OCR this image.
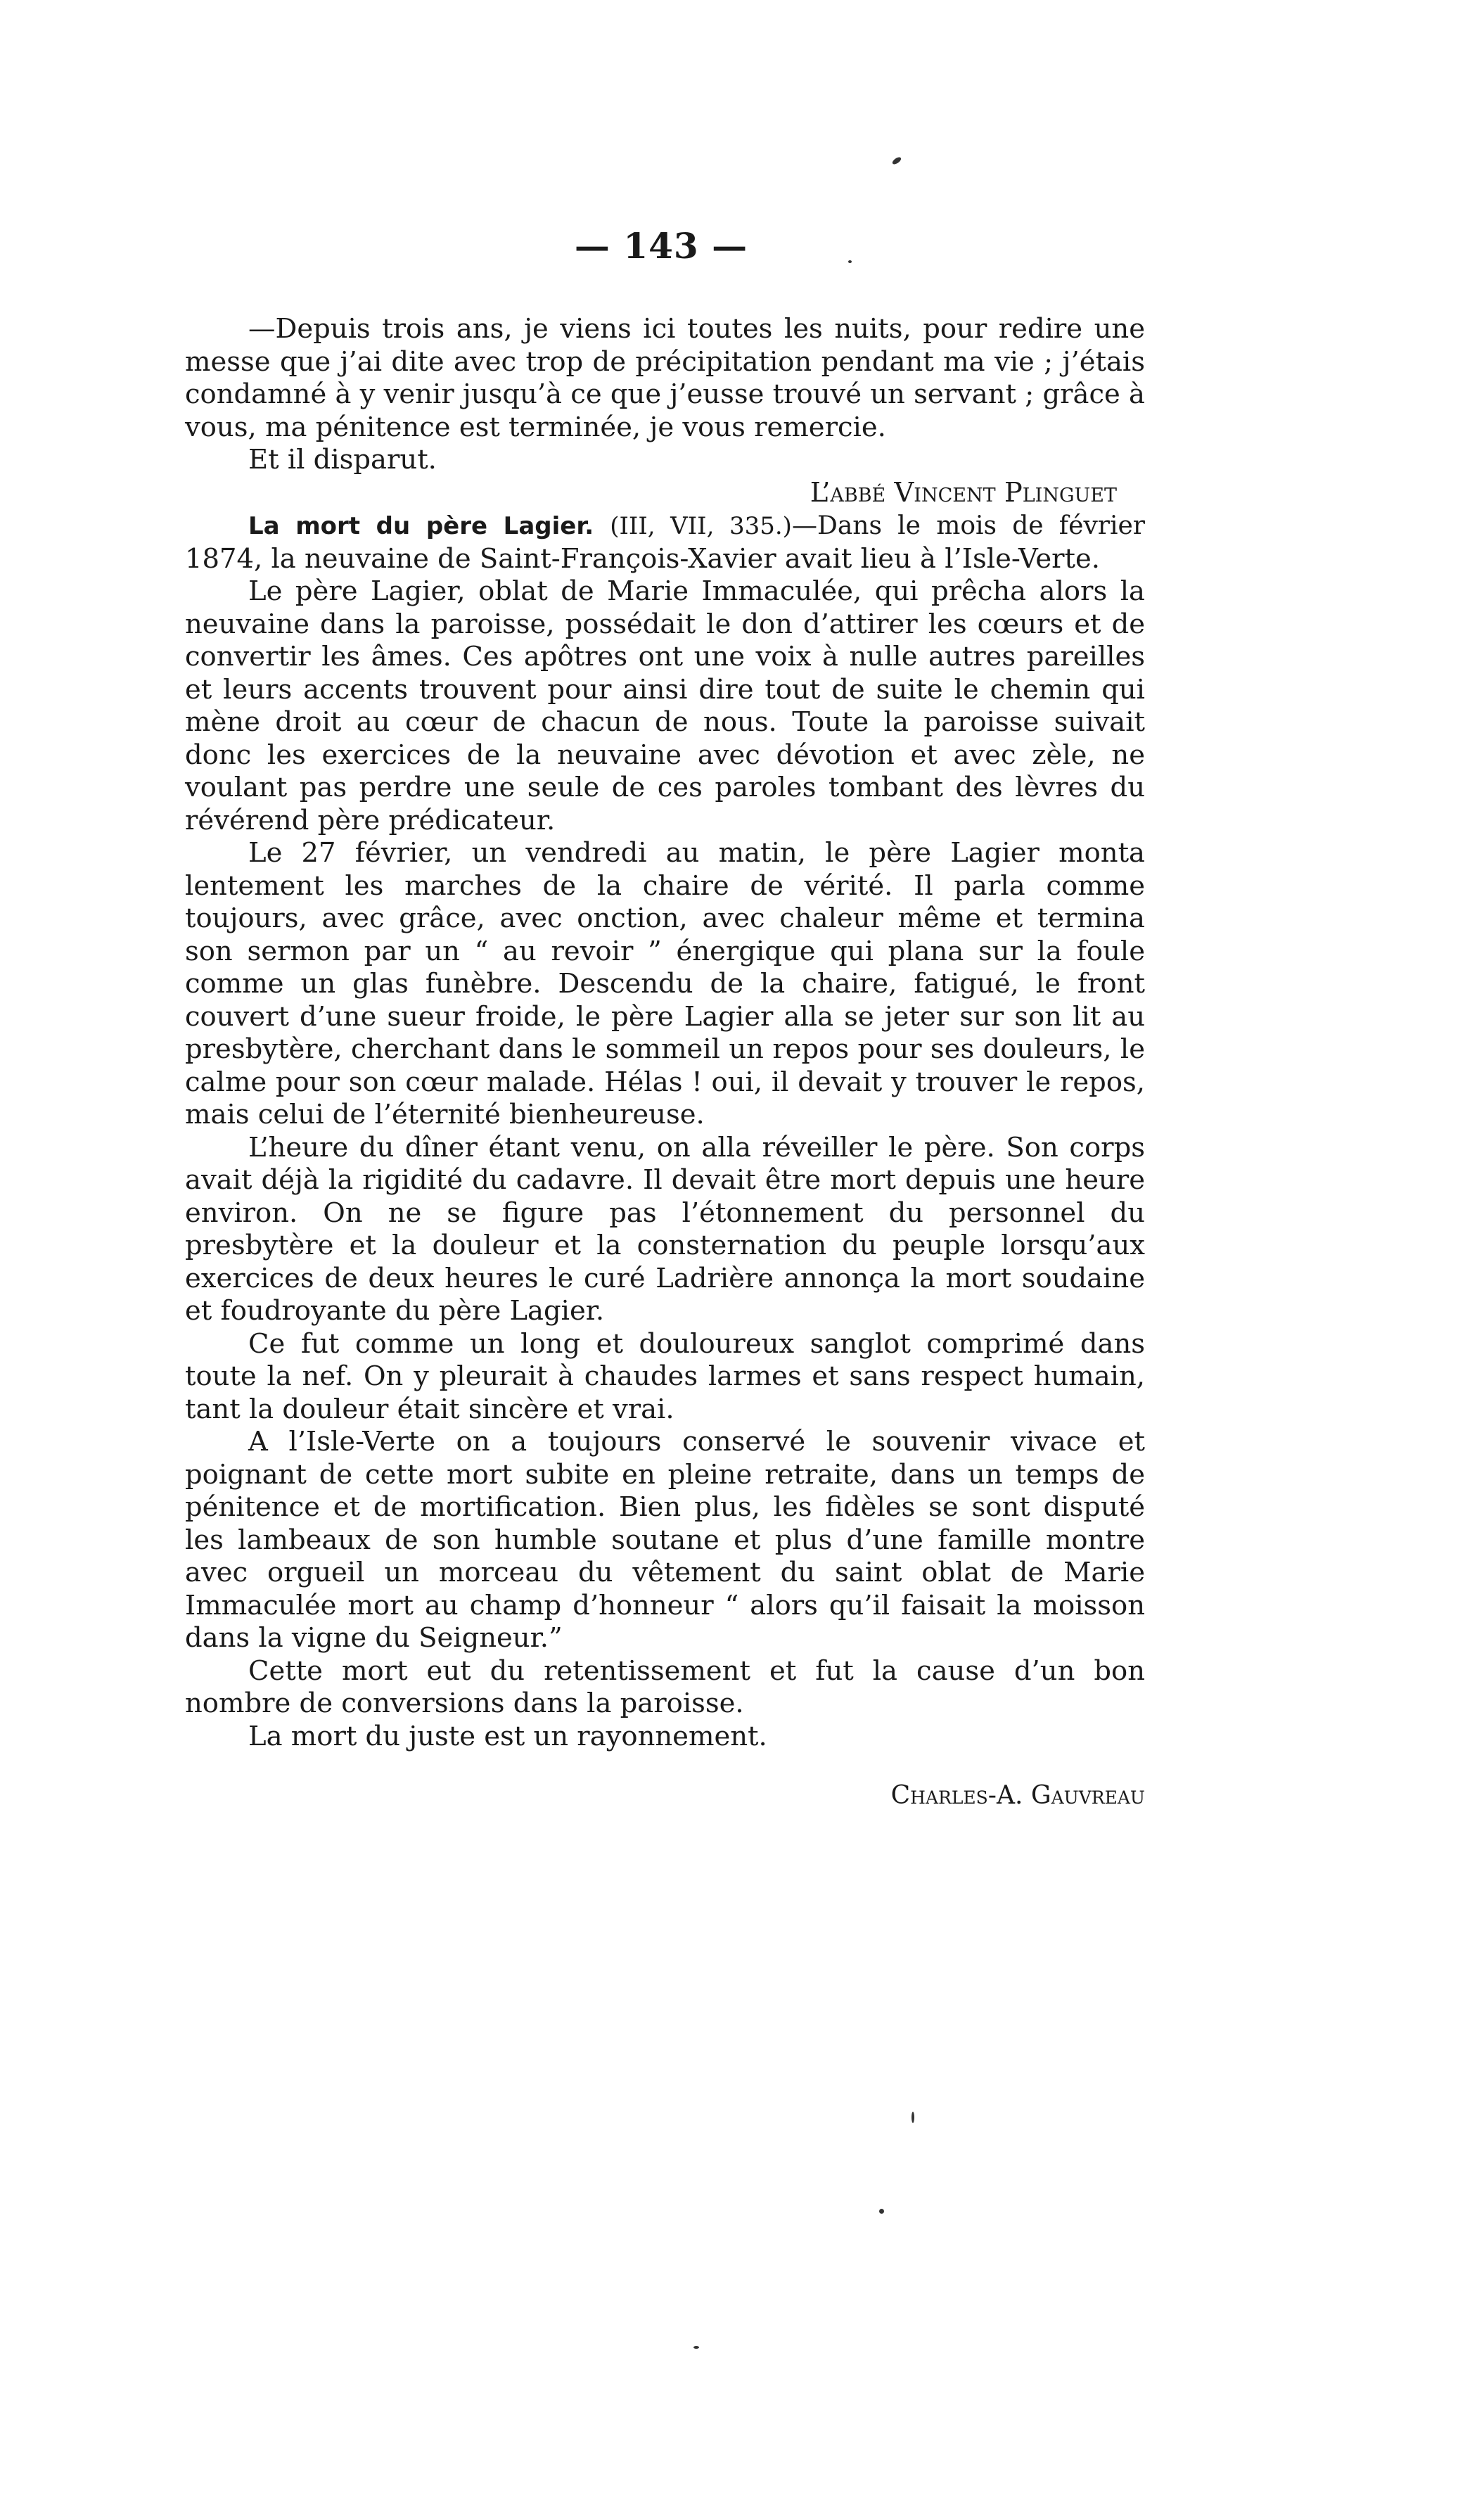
— 143 —

—Depuis trois ans, je viens ici toutes les nuits, pour redire une messe que j’ai dite avec trop de précipitation pendant ma vie ; j’étais condamné à y venir jusqu’à ce que j’eusse trouvé un servant ; grâce à vous, ma pénitence est terminée, je vous remercie.

Et il disparut.

L’abbé Vincent Plinguet

La mort du père Lagier. (III, VII, 335.)—Dans le mois de février 1874, la neuvaine de Saint-François-Xavier avait lieu à l’Isle-Verte.

Le père Lagier, oblat de Marie Immaculée, qui prêcha alors la neuvaine dans la paroisse, possédait le don d’attirer les cœurs et de convertir les âmes. Ces apôtres ont une voix à nulle autres pareilles et leurs accents trouvent pour ainsi dire tout de suite le chemin qui mène droit au cœur de chacun de nous. Toute la paroisse suivait donc les exercices de la neuvaine avec dévotion et avec zèle, ne voulant pas perdre une seule de ces paroles tombant des lèvres du révérend père prédicateur.

Le 27 février, un vendredi au matin, le père Lagier monta lentement les marches de la chaire de vérité. Il parla comme toujours, avec grâce, avec onction, avec chaleur même et termina son sermon par un “ au revoir ” énergique qui plana sur la foule comme un glas funèbre. Descendu de la chaire, fatigué, le front couvert d’une sueur froide, le père Lagier alla se jeter sur son lit au presbytère, cherchant dans le sommeil un repos pour ses douleurs, le calme pour son cœur malade. Hélas ! oui, il devait y trouver le repos, mais celui de l’éternité bienheureuse.

L’heure du dîner étant venu, on alla réveiller le père. Son corps avait déjà la rigidité du cadavre. Il devait être mort depuis une heure environ. On ne se figure pas l’étonnement du personnel du presbytère et la douleur et la consternation du peuple lorsqu’aux exercices de deux heures le curé Ladrière annonça la mort soudaine et foudroyante du père Lagier.

Ce fut comme un long et douloureux sanglot comprimé dans toute la nef. On y pleurait à chaudes larmes et sans respect humain, tant la douleur était sincère et vrai.

A l’Isle-Verte on a toujours conservé le souvenir vivace et poignant de cette mort subite en pleine retraite, dans un temps de pénitence et de mortification. Bien plus, les fidèles se sont disputé les lambeaux de son humble soutane et plus d’une famille montre avec orgueil un morceau du vêtement du saint oblat de Marie Immaculée mort au champ d’honneur “ alors qu’il faisait la moisson dans la vigne du Seigneur.”

Cette mort eut du retentissement et fut la cause d’un bon nombre de conversions dans la paroisse.

La mort du juste est un rayonnement.

Charles-A. Gauvreau
